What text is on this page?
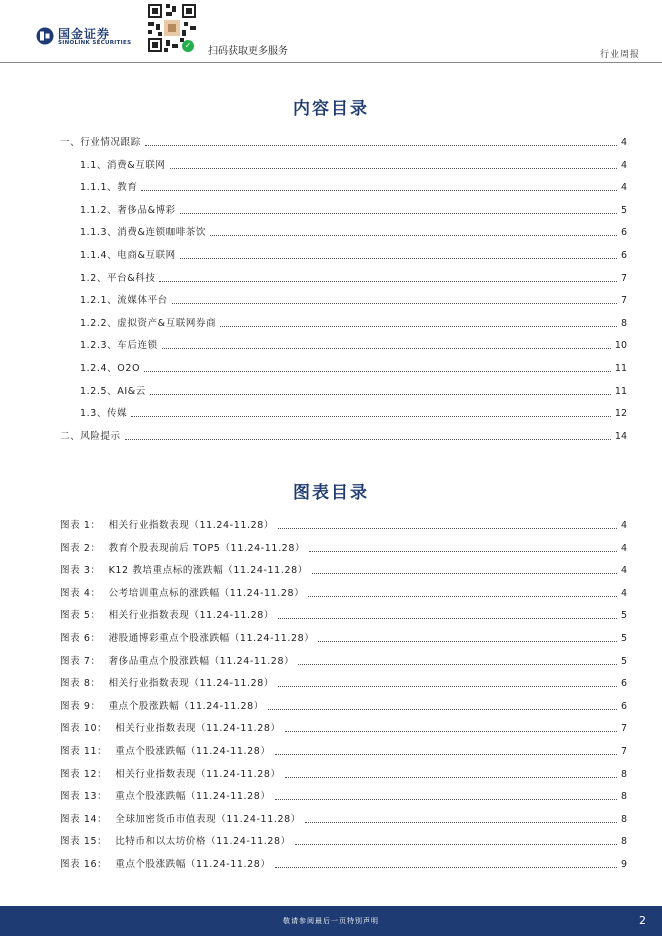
国金证券
SINOLINK SECURITIES	✓
扫码获取更多服务	行业周报
内容目录
一、行业情况跟踪	4
1.1、消费&互联网	4
1.1.1、教育	4
1.1.2、奢侈品&博彩	5
1.1.3、消费&连锁咖啡茶饮	6
1.1.4、电商&互联网	6
1.2、平台&科技	7
1.2.1、流媒体平台	7
1.2.2、虚拟资产&互联网券商	8
1.2.3、车后连锁	10
1.2.4、O2O	11
1.2.5、AI&云	11
1.3、传媒	12
二、风险提示	14
图表目录
图表 1： 相关行业指数表现（11.24-11.28）	4
图表 2： 教育个股表现前后 TOP5（11.24-11.28）	4
图表 3： K12 教培重点标的涨跌幅（11.24-11.28）	4
图表 4： 公考培训重点标的涨跌幅（11.24-11.28）	4
图表 5： 相关行业指数表现（11.24-11.28）	5
图表 6： 港股通博彩重点个股涨跌幅（11.24-11.28）	5
图表 7： 奢侈品重点个股涨跌幅（11.24-11.28）	5
图表 8： 相关行业指数表现（11.24-11.28）	6
图表 9： 重点个股涨跌幅（11.24-11.28）	6
图表 10： 相关行业指数表现（11.24-11.28）	7
图表 11： 重点个股涨跌幅（11.24-11.28）	7
图表 12： 相关行业指数表现（11.24-11.28）	8
图表 13： 重点个股涨跌幅（11.24-11.28）	8
图表 14： 全球加密货币市值表现（11.24-11.28）	8
图表 15： 比特币和以太坊价格（11.24-11.28）	8
图表 16： 重点个股涨跌幅（11.24-11.28）	9
敬请参阅最后一页特别声明	2
